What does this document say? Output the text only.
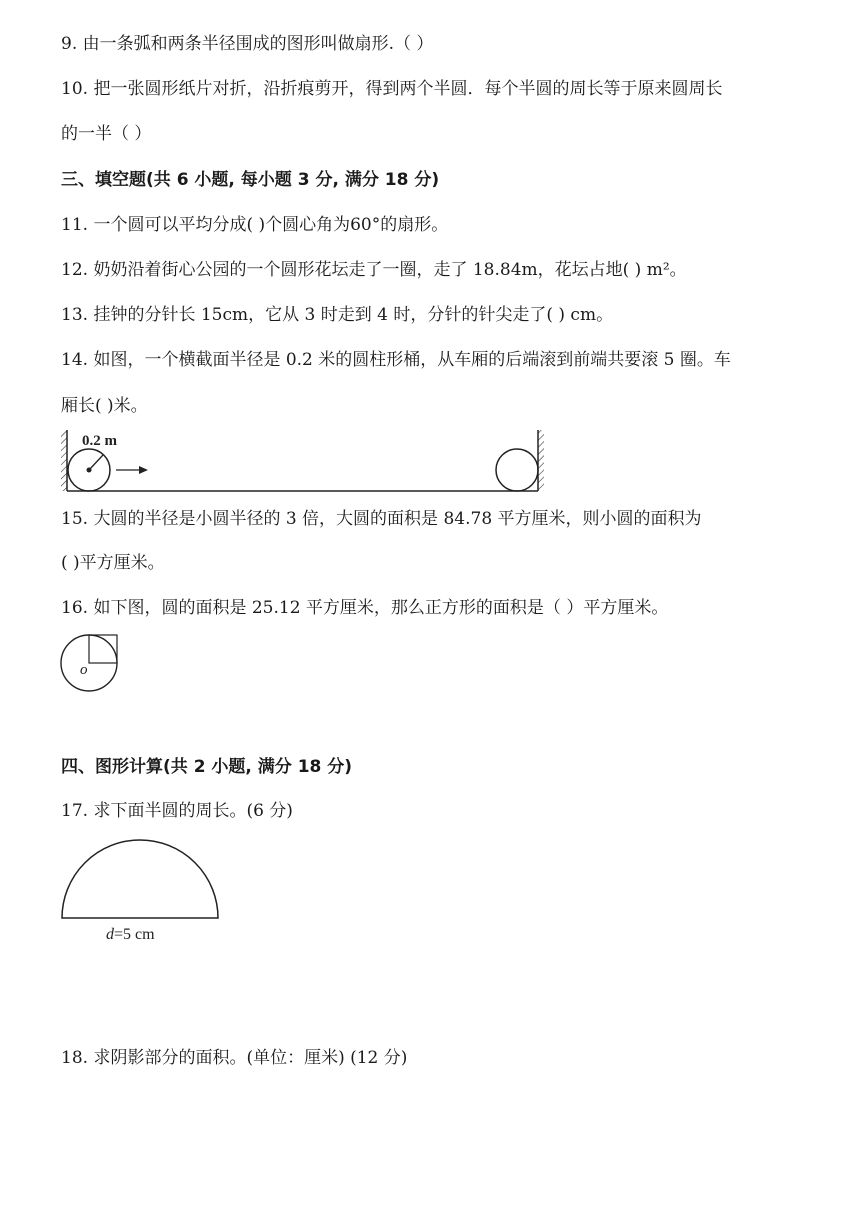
9. 由一条弧和两条半径围成的图形叫做扇形.（ ）
10. 把一张圆形纸片对折，沿折痕剪开，得到两个半圆．每个半圆的周长等于原来圆周长
的一半（ ）
三、填空题(共 6 小题, 每小题 3 分, 满分 18 分)
11. 一个圆可以平均分成( )个圆心角为60°的扇形。
12. 奶奶沿着街心公园的一个圆形花坛走了一圈，走了 18.84m，花坛占地( ) m²。
13. 挂钟的分针长 15cm，它从 3 时走到 4 时，分针的针尖走了( ) cm。
14. 如图，一个横截面半径是 0.2 米的圆柱形桶，从车厢的后端滚到前端共要滚 5 圈。车
厢长( )米。
0.2 m
15. 大圆的半径是小圆半径的 3 倍，大圆的面积是 84.78 平方厘米，则小圆的面积为
( )平方厘米。
16. 如下图，圆的面积是 25.12 平方厘米，那么正方形的面积是（ ）平方厘米。
o
四、图形计算(共 2 小题, 满分 18 分)
17. 求下面半圆的周长。(6 分)
d=5 cm
18. 求阴影部分的面积。(单位：厘米) (12 分)
